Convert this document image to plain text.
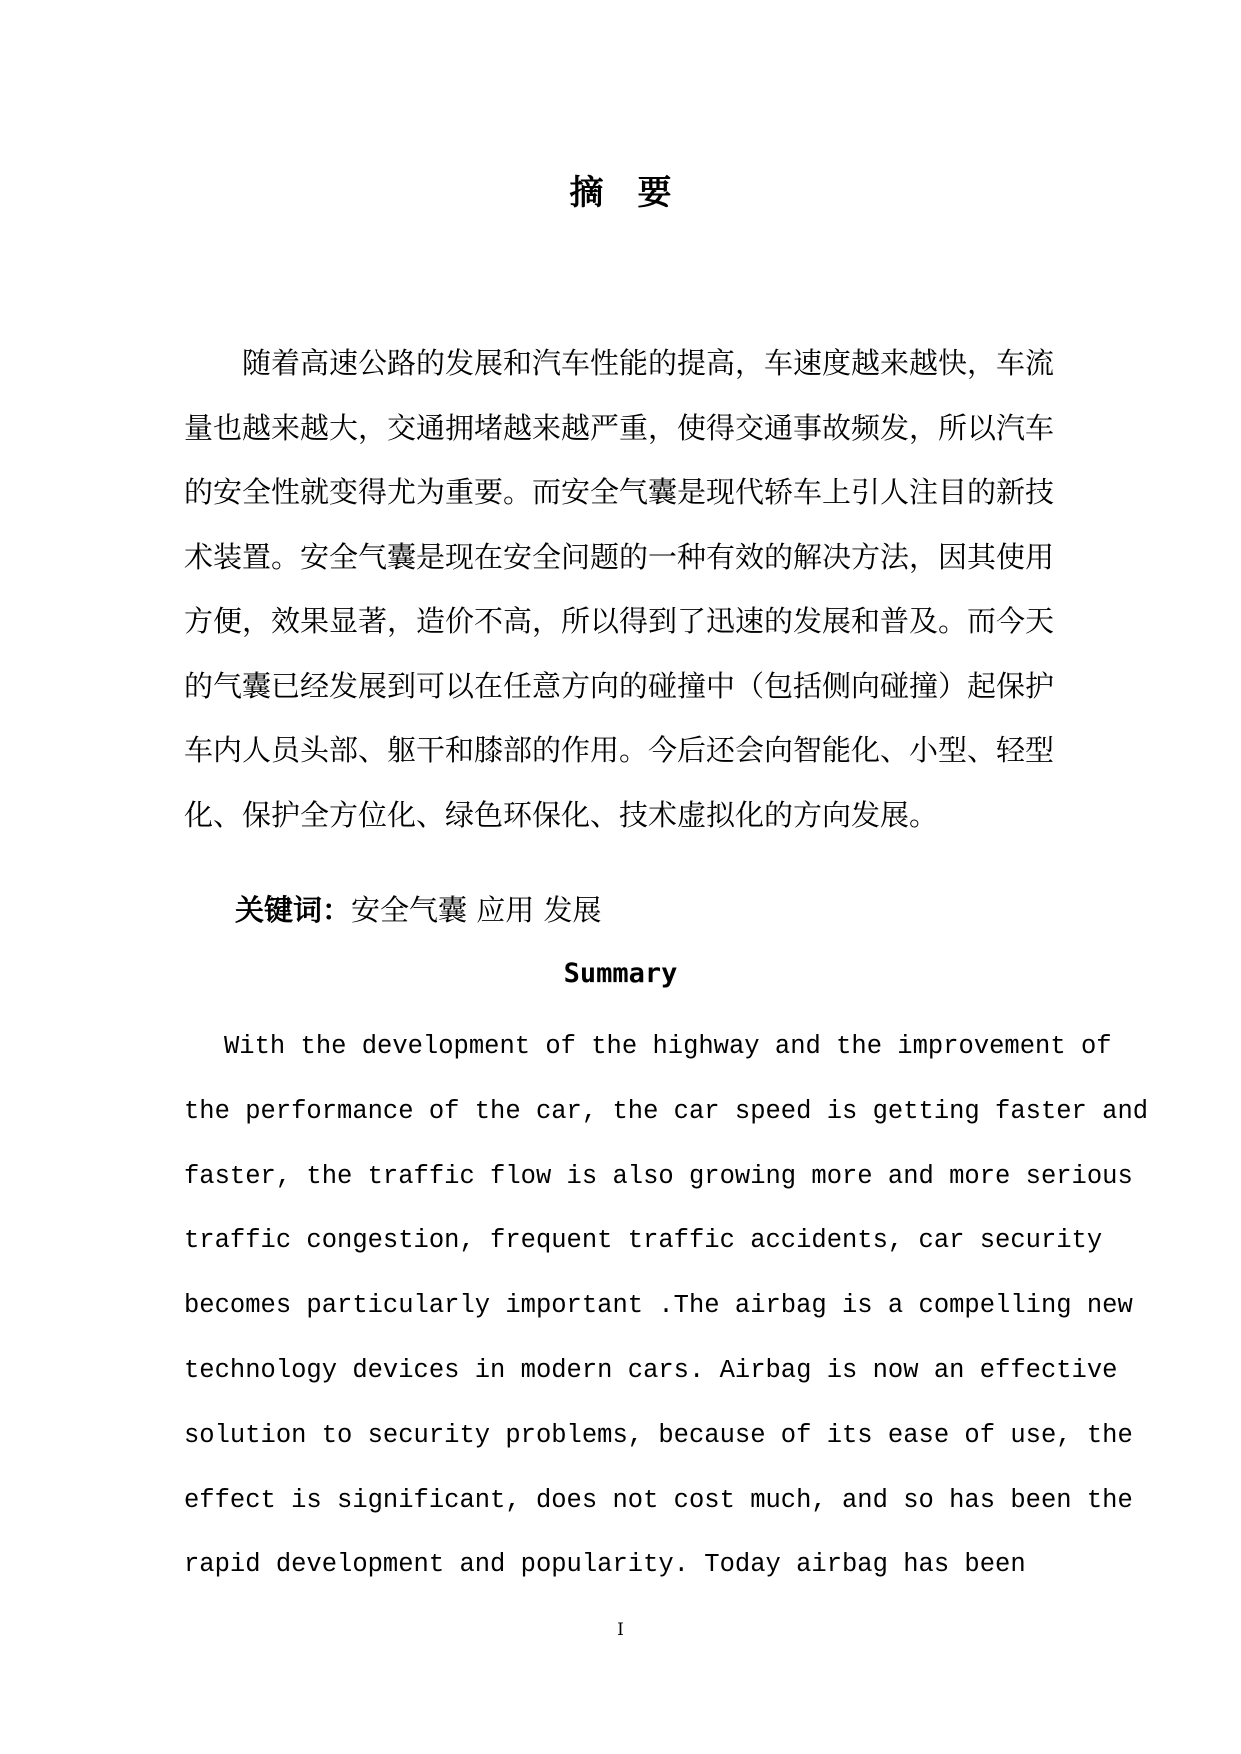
摘要

随着高速公路的发展和汽车性能的提高，车速度越来越快，车流量也越来越大，交通拥堵越来越严重，使得交通事故频发，所以汽车的安全性就变得尤为重要。而安全气囊是现代轿车上引人注目的新技术装置。安全气囊是现在安全问题的一种有效的解决方法，因其使用方便，效果显著，造价不高，所以得到了迅速的发展和普及。而今天的气囊已经发展到可以在任意方向的碰撞中（包括侧向碰撞）起保护车内人员头部、躯干和膝部的作用。今后还会向智能化、小型、轻型化、保护全方位化、绿色环保化、技术虚拟化的方向发展。

关键词：安全气囊 应用 发展
Summary
With the development of the highway and the improvement of
the performance of the car, the car speed is getting faster and
faster, the traffic flow is also growing more and more serious
traffic congestion, frequent traffic accidents, car security
becomes particularly important .The airbag is a compelling new
technology devices in modern cars. Airbag is now an effective
solution to security problems, because of its ease of use, the
effect is significant, does not cost much, and so has been the
rapid development and popularity. Today airbag has been
I
